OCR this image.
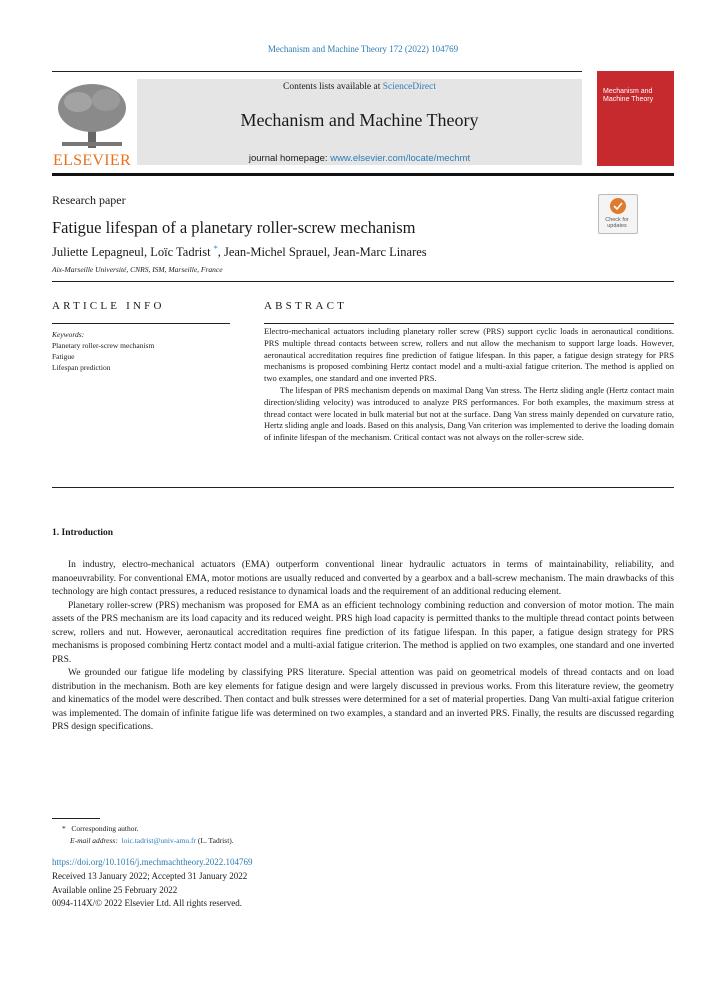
Mechanism and Machine Theory 172 (2022) 104769
ELSEVIER
Contents lists available at ScienceDirect
Mechanism and Machine Theory
journal homepage: www.elsevier.com/locate/mechmt
Mechanism and Machine Theory
Research paper
Check for updates
Fatigue lifespan of a planetary roller-screw mechanism
Juliette Lepagneul, Loïc Tadrist *, Jean-Michel Sprauel, Jean-Marc Linares
Aix-Marseille Université, CNRS, ISM, Marseille, France
ARTICLE INFO	ABSTRACT
Keywords:
Planetary roller-screw mechanism
Fatigue
Lifespan prediction

Electro-mechanical actuators including planetary roller screw (PRS) support cyclic loads in aeronautical conditions. PRS multiple thread contacts between screw, rollers and nut allow the mechanism to support large loads. However, aeronautical accreditation requires fine prediction of fatigue lifespan. In this paper, a fatigue design strategy for PRS mechanisms is proposed combining Hertz contact model and a multi-axial fatigue criterion. The method is applied on two examples, one standard and one inverted PRS.

The lifespan of PRS mechanism depends on maximal Dang Van stress. The Hertz sliding angle (Hertz contact main direction/sliding velocity) was introduced to analyze PRS performances. For both examples, the maximum stress at thread contact were located in bulk material but not at the surface. Dang Van stress mainly depended on curvature ratio, Hertz sliding angle and loads. Based on this analysis, Dang Van criterion was implemented to derive the loading domain of infinite lifespan of the mechanism. Critical contact was not always on the roller-screw side.

1. Introduction

In industry, electro-mechanical actuators (EMA) outperform conventional linear hydraulic actuators in terms of maintainability, reliability, and manoeuvrability. For conventional EMA, motor motions are usually reduced and converted by a gearbox and a ball-screw mechanism. The main drawbacks of this technology are high contact pressures, a reduced resistance to dynamical loads and the requirement of an additional reducing element.

Planetary roller-screw (PRS) mechanism was proposed for EMA as an efficient technology combining reduction and conversion of motor motion. The main assets of the PRS mechanism are its load capacity and its reduced weight. PRS high load capacity is permitted thanks to the multiple thread contact points between screw, rollers and nut. However, aeronautical accreditation requires fine prediction of its fatigue lifespan. In this paper, a fatigue design strategy for PRS mechanisms is proposed combining Hertz contact model and a multi-axial fatigue criterion. The method is applied on two examples, one standard and one inverted PRS.

We grounded our fatigue life modeling by classifying PRS literature. Special attention was paid on geometrical models of thread contacts and on load distribution in the mechanism. Both are key elements for fatigue design and were largely discussed in previous works. From this literature review, the geometry and kinematics of the model were described. Then contact and bulk stresses were determined for a set of material properties. Dang Van multi-axial fatigue criterion was implemented. The domain of infinite fatigue life was determined on two examples, a standard and an inverted PRS. Finally, the results are discussed regarding PRS design specifications.

* Corresponding author.
E-mail address: loic.tadrist@univ-amu.fr (L. Tadrist).
https://doi.org/10.1016/j.mechmachtheory.2022.104769
Received 13 January 2022; Accepted 31 January 2022
Available online 25 February 2022
0094-114X/© 2022 Elsevier Ltd. All rights reserved.
